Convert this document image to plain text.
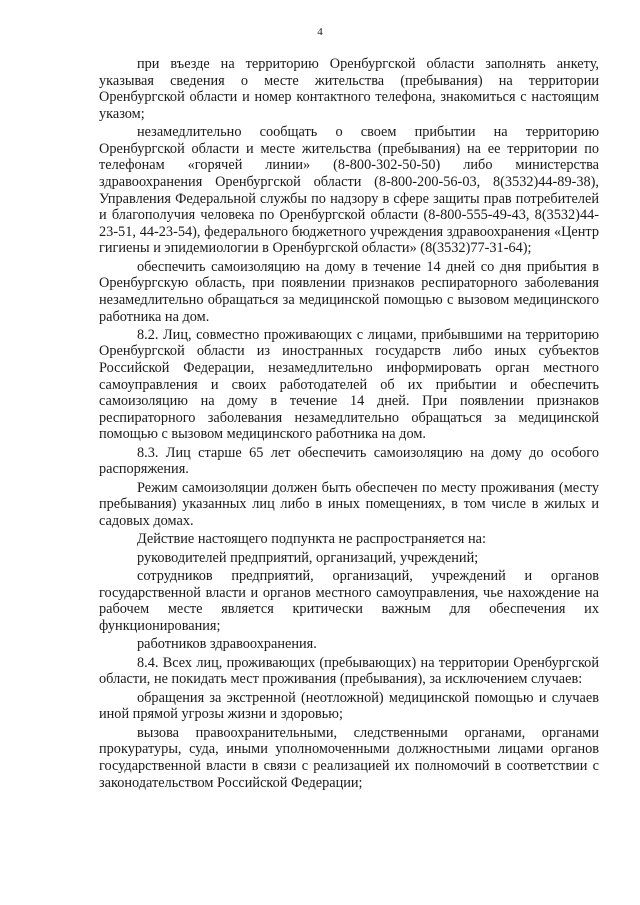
4

при въезде на территорию Оренбургской области заполнять анкету, указывая сведения о месте жительства (пребывания) на территории Оренбургской области и номер контактного телефона, знакомиться с настоящим указом;

незамедлительно сообщать о своем прибытии на территорию Оренбургской области и месте жительства (пребывания) на ее территории по телефонам «горячей линии» (8-800-302-50-50) либо министерства здравоохранения Оренбургской области (8-800-200-56-03, 8(3532)44-89-38), Управления Федеральной службы по надзору в сфере защиты прав потребителей и благополучия человека по Оренбургской области (8-800-555-49-43, 8(3532)44-23-51, 44-23-54), федерального бюджетного учреждения здравоохранения «Центр гигиены и эпидемиологии в Оренбургской области» (8(3532)77-31-64);

обеспечить самоизоляцию на дому в течение 14 дней со дня прибытия в Оренбургскую область, при появлении признаков респираторного заболевания незамедлительно обращаться за медицинской помощью с вызовом медицинского работника на дом.

8.2. Лиц, совместно проживающих с лицами, прибывшими на территорию Оренбургской области из иностранных государств либо иных субъектов Российской Федерации, незамедлительно информировать орган местного самоуправления и своих работодателей об их прибытии и обеспечить самоизоляцию на дому в течение 14 дней. При появлении признаков респираторного заболевания незамедлительно обращаться за медицинской помощью с вызовом медицинского работника на дом.

8.3. Лиц старше 65 лет обеспечить самоизоляцию на дому до особого распоряжения.

Режим самоизоляции должен быть обеспечен по месту проживания (месту пребывания) указанных лиц либо в иных помещениях, в том числе в жилых и садовых домах.

Действие настоящего подпункта не распространяется на:

руководителей предприятий, организаций, учреждений;

сотрудников предприятий, организаций, учреждений и органов государственной власти и органов местного самоуправления, чье нахождение на рабочем месте является критически важным для обеспечения их функционирования;

работников здравоохранения.

8.4. Всех лиц, проживающих (пребывающих) на территории Оренбургской области, не покидать мест проживания (пребывания), за исключением случаев:

обращения за экстренной (неотложной) медицинской помощью и случаев иной прямой угрозы жизни и здоровью;

вызова правоохранительными, следственными органами, органами прокуратуры, суда, иными уполномоченными должностными лицами органов государственной власти в связи с реализацией их полномочий в соответствии с законодательством Российской Федерации;
